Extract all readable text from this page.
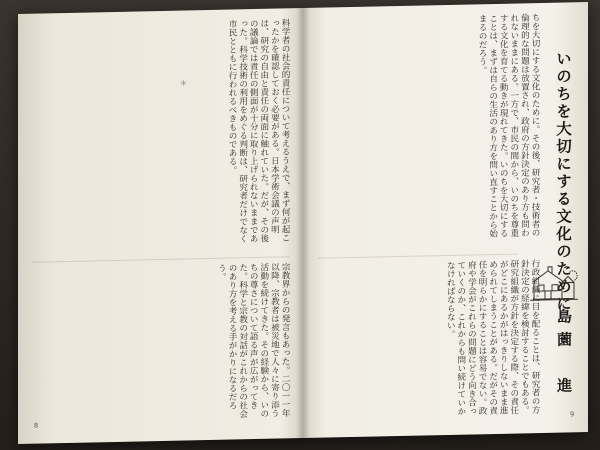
科学者の社会的責任について考えるうえで、まず何が起こったかを確認しておく必要がある。日本学術会議の声明は、研究の自由と責任の両面に触れていた。だが、その後の議論では責任の側面が十分に取り上げられないままであった。科学技術の利用をめぐる判断は、研究者だけでなく市民とともに行われるべきものである。
宗教界からの発言もあった。二〇一一年以降、宗教者は被災地で人々に寄り添う活動を続けてきた。その経験から、いのちの尊さについて語る声が広がってきた。科学と宗教の対話がこれからの社会のあり方を考える手がかりになるだろう。
＊
8
ちを大切にする文化のために。その後、研究者・技術者の倫理的な問題は放置され、政府の方針決定のあり方も問われないままにある。一方で、市民の間から、いのちを尊重する文化を育てる動きが現れてきた。いのちを大切にすることは、まずは自らの生活のあり方を問い直すことから始まるのだろう。
いのちを大切にする文化のために
島薗　進
行政組織に目を配ることは、研究者の方針決定の経緯を検討することでもある。研究組織が方針を決定する際、その責任がどこにあるかがはっきりしないまま進められてしまうことがある。だがその責任を明らかにすることは容易でない。政府や学会がこれらの問題にどう向き合っていくのか、これからも問い続けていかなければならない。
9
